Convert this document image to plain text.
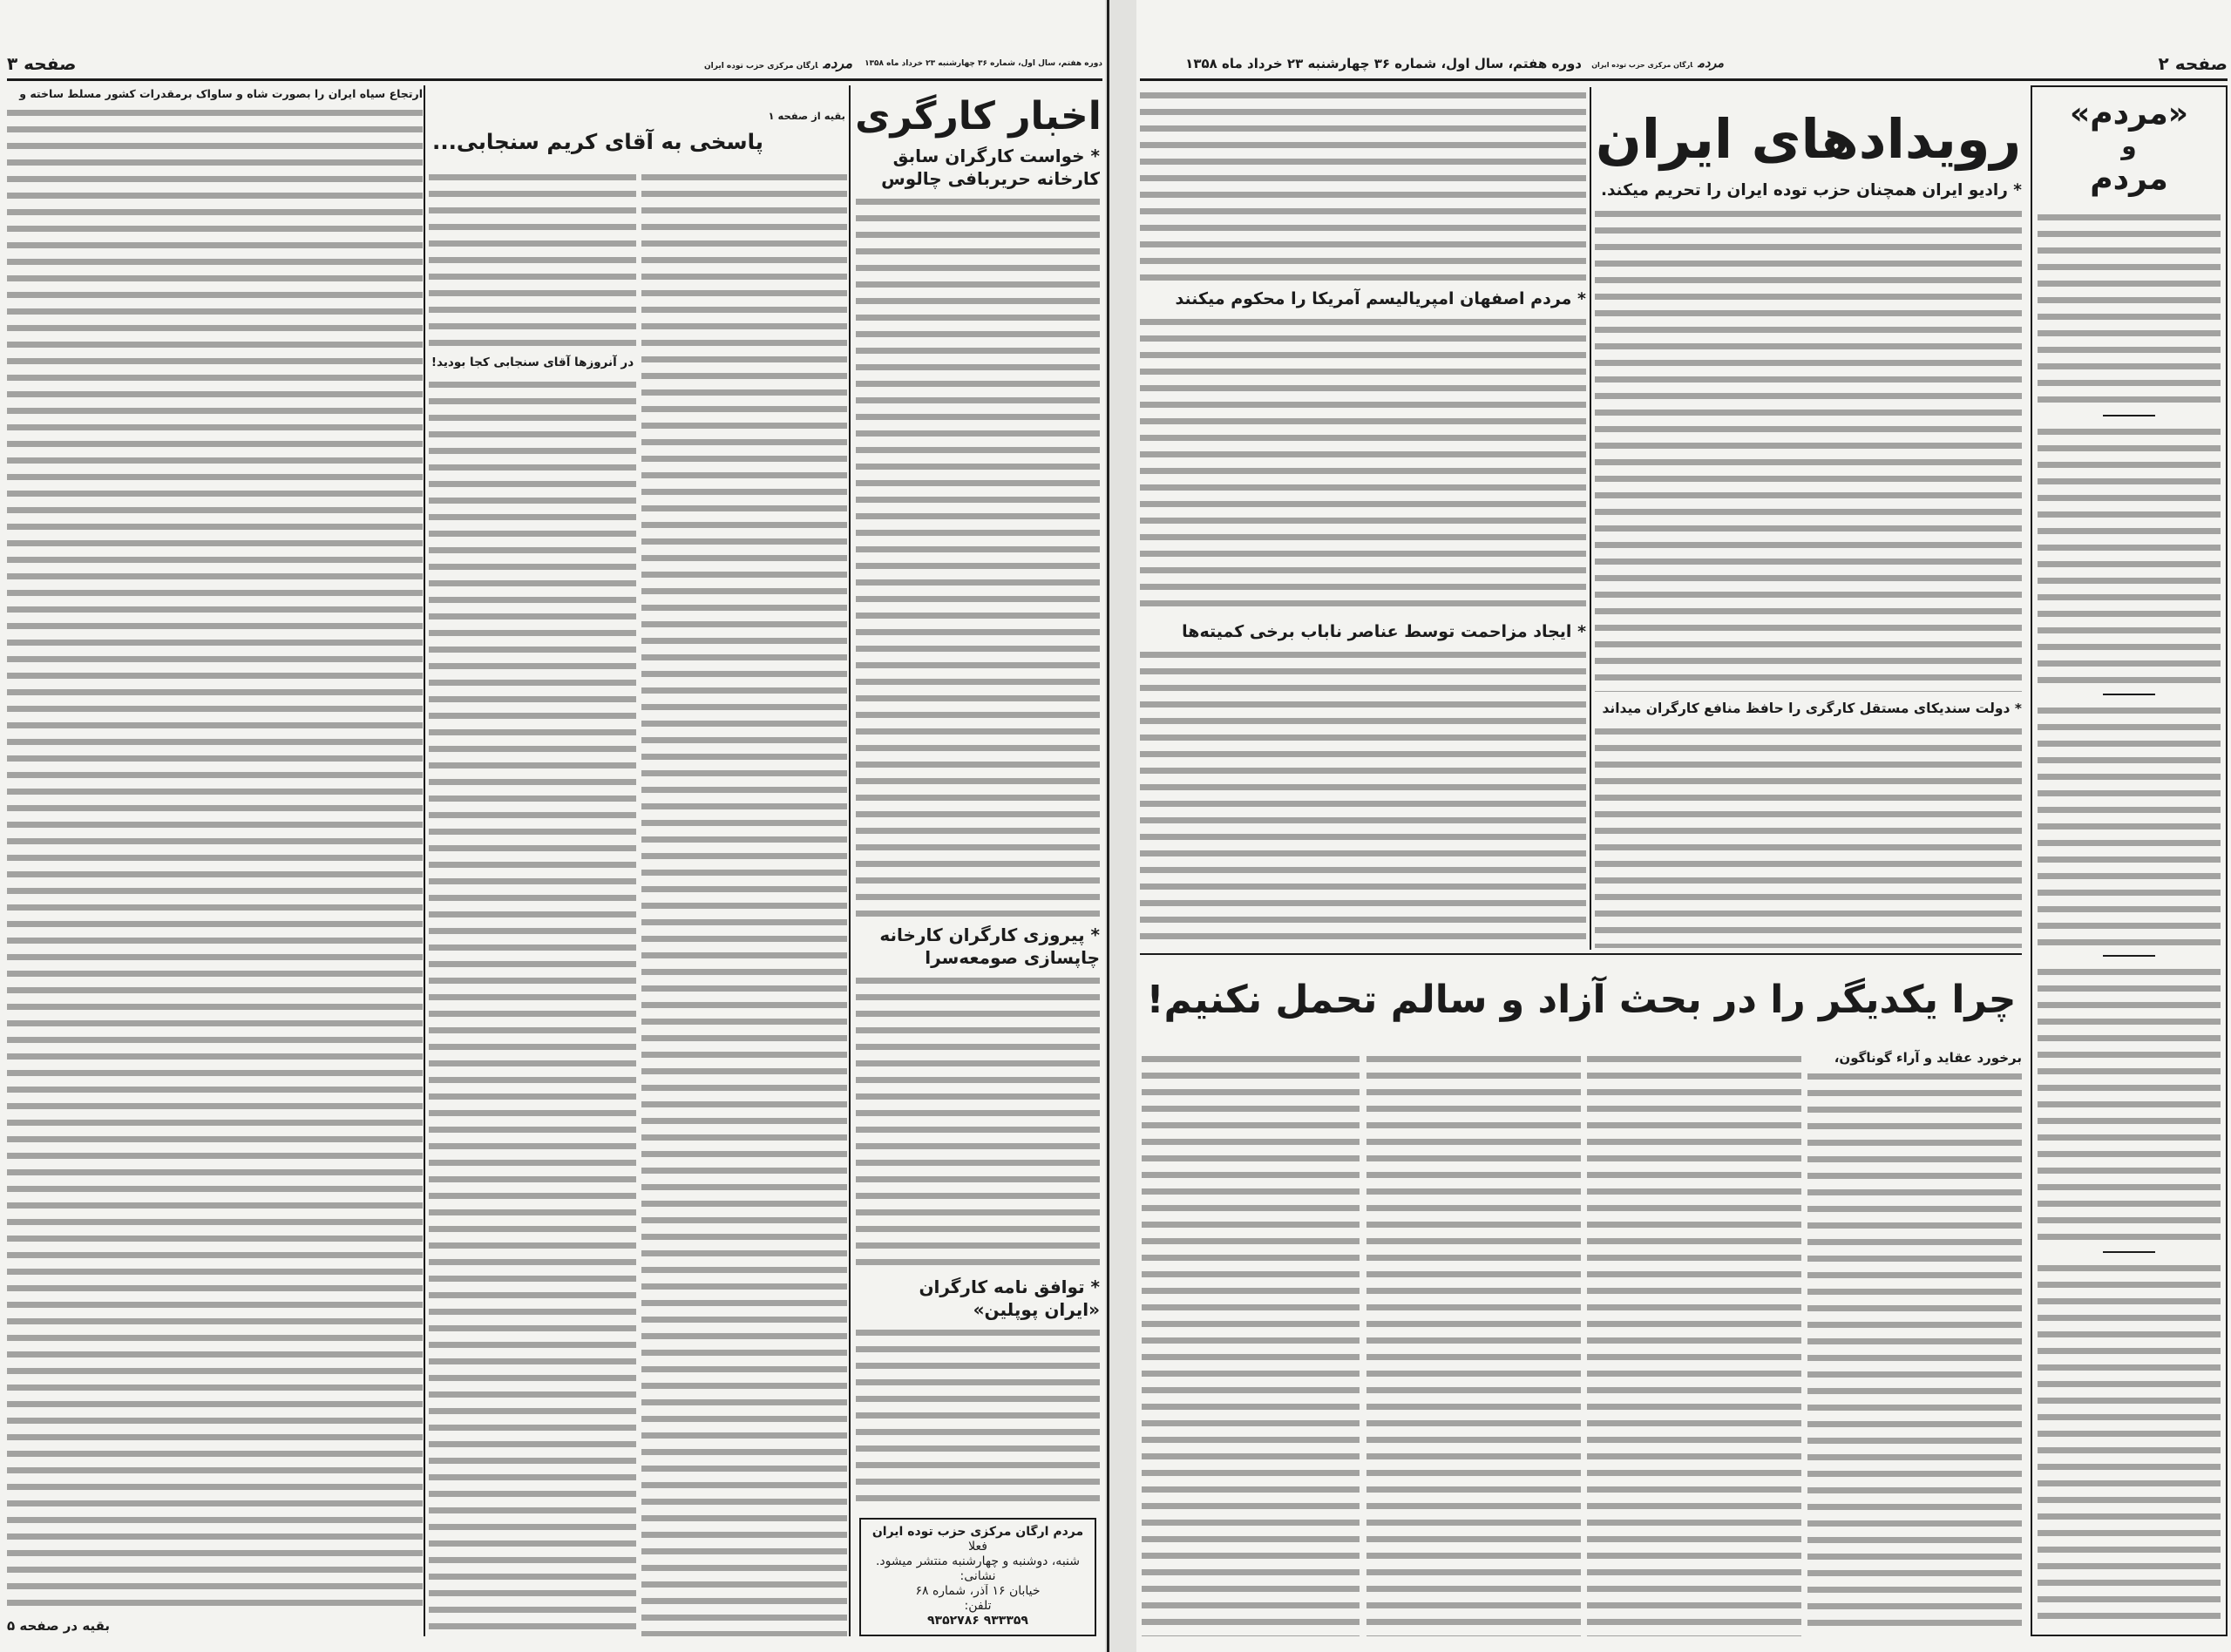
صفحه ۳	مردمارگان مرکزی حزب توده ایران	دوره هفتم، سال اول، شماره ۳۶ چهارشنبه ۲۳ خرداد ماه ۱۳۵۸
ارتجاع سیاه ایران را بصورت شاه و ساواک برمقدرات کشور مسلط ساخته و
بقیه در صفحه ۵
بقیه از صفحه ۱
پاسخی به آقای کریم سنجابی...
در آنروزها آقای سنجابی کجا بودید!
اخبار کارگری
* خواست کارگران سابق
کارخانه حریربافی چالوس
* پیروزی کارگران کارخانه
چاپسازی صومعه‌سرا
* توافق نامه کارگران
«ایران پوپلین»
مردم ارگان مرکزی حزب توده ایران
فعلا
شنبه، دوشنبه و چهارشنبه منتشر میشود.
نشانی:
خیابان ۱۶ آذر، شماره ۶۸
تلفن:
۹۳۳۳۵۹ ۹۳۵۲۷۸۶
صفحه ۲
مردمارگان مرکزی حزب توده ایران
دوره هفتم، سال اول، شماره ۳۶ چهارشنبه ۲۳ خرداد ماه ۱۳۵۸
* مردم اصفهان امپریالیسم آمریکا را محکوم میکنند
* ایجاد مزاحمت توسط عناصر ناباب برخی کمیته‌ها
رویدادهای ایران
* رادیو ایران همچنان حزب توده ایران را تحریم میکند.
* دولت سندیکای مستقل کارگری را حافظ منافع کارگران میداند
چرا یکدیگر را در بحث آزاد و سالم تحمل نکنیم!
برخورد عقاید و آراء گوناگون،
«مردم»
و
مردم
